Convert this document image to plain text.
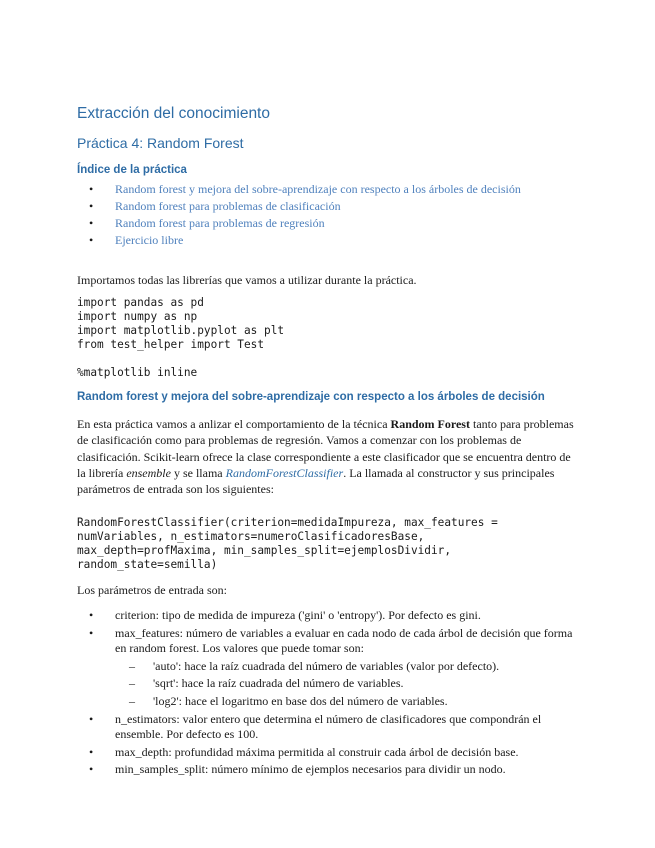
Extracción del conocimiento
Práctica 4: Random Forest
Índice de la práctica
• Random forest y mejora del sobre-aprendizaje con respecto a los árboles de decisión
• Random forest para problemas de clasificación
• Random forest para problemas de regresión
• Ejercicio libre

Importamos todas las librerías que vamos a utilizar durante la práctica.

import pandas as pd
import numpy as np
import matplotlib.pyplot as plt
from test_helper import Test
%matplotlib inline
Random forest y mejora del sobre-aprendizaje con respecto a los árboles de decisión

En esta práctica vamos a anlizar el comportamiento de la técnica Random Forest tanto para problemas de clasificación como para problemas de regresión. Vamos a comenzar con los problemas de clasificación. Scikit-learn ofrece la clase correspondiente a este clasificador que se encuentra dentro de la librería ensemble y se llama RandomForestClassifier. La llamada al constructor y sus principales parámetros de entrada son los siguientes:

RandomForestClassifier(criterion=medidaImpureza, max_features =
numVariables, n_estimators=numeroClasificadoresBase,
max_depth=profMaxima, min_samples_split=ejemplosDividir,
random_state=semilla)

Los parámetros de entrada son:

• criterion: tipo de medida de impureza ('gini' o 'entropy'). Por defecto es gini.
• max_features: número de variables a evaluar en cada nodo de cada árbol de decisión que forma en random forest. Los valores que puede tomar son:
– 'auto': hace la raíz cuadrada del número de variables (valor por defecto).
– 'sqrt': hace la raíz cuadrada del número de variables.
– 'log2': hace el logaritmo en base dos del número de variables.
• n_estimators: valor entero que determina el número de clasificadores que compondrán el ensemble. Por defecto es 100.
• max_depth: profundidad máxima permitida al construir cada árbol de decisión base.
• min_samples_split: número mínimo de ejemplos necesarios para dividir un nodo.
